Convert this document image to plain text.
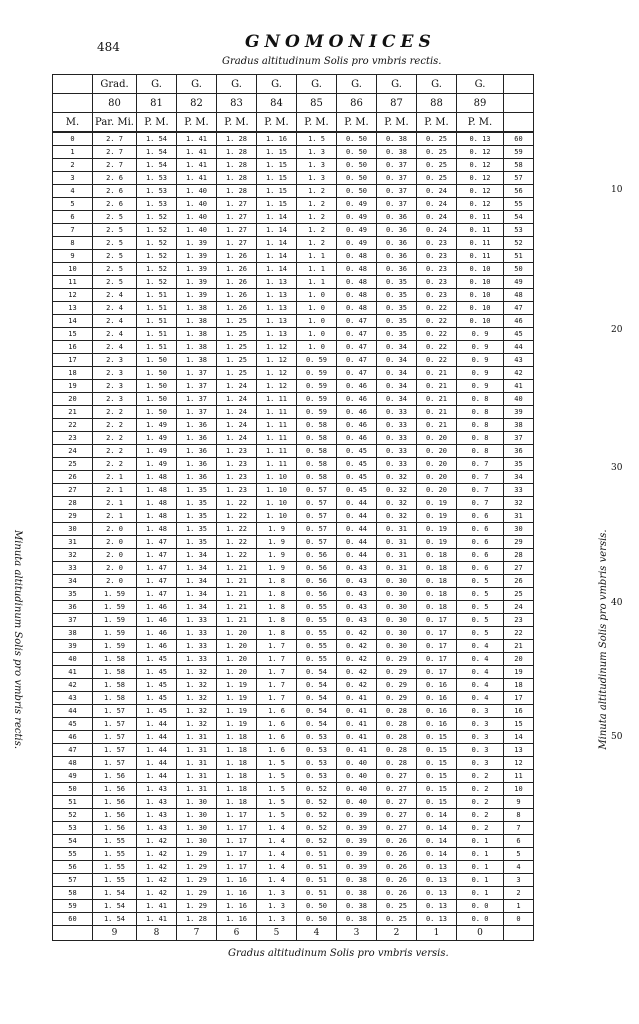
484	GNOMONICES
Gradus altitudinum Solis pro vmbris rectis.
Minuta altitudinum Solis pro vmbris rectis.	Minuta altitudinum Solis pro vmbris versis.
10
20
30
40
50
	Grad.	G.	G.	G.	G.	G.	G.	G.	G.	G.	
	80	81	82	83	84	85	86	87	88	89	
M.	Par. Mi.	P. M.	P. M.	P. M.	P. M.	P. M.	P. M.	P. M.	P. M.	P. M.	
0	2. 7	1. 54	1. 41	1. 28	1. 16	1. 5	0. 50	0. 38	0. 25	0. 13	60
1	2. 7	1. 54	1. 41	1. 28	1. 15	1. 3	0. 50	0. 38	0. 25	0. 12	59
2	2. 7	1. 54	1. 41	1. 28	1. 15	1. 3	0. 50	0. 37	0. 25	0. 12	58
3	2. 6	1. 53	1. 41	1. 28	1. 15	1. 3	0. 50	0. 37	0. 25	0. 12	57
4	2. 6	1. 53	1. 40	1. 28	1. 15	1. 2	0. 50	0. 37	0. 24	0. 12	56
5	2. 6	1. 53	1. 40	1. 27	1. 15	1. 2	0. 49	0. 37	0. 24	0. 12	55
6	2. 5	1. 52	1. 40	1. 27	1. 14	1. 2	0. 49	0. 36	0. 24	0. 11	54
7	2. 5	1. 52	1. 40	1. 27	1. 14	1. 2	0. 49	0. 36	0. 24	0. 11	53
8	2. 5	1. 52	1. 39	1. 27	1. 14	1. 2	0. 49	0. 36	0. 23	0. 11	52
9	2. 5	1. 52	1. 39	1. 26	1. 14	1. 1	0. 48	0. 36	0. 23	0. 11	51
10	2. 5	1. 52	1. 39	1. 26	1. 14	1. 1	0. 48	0. 36	0. 23	0. 10	50
11	2. 5	1. 52	1. 39	1. 26	1. 13	1. 1	0. 48	0. 35	0. 23	0. 10	49
12	2. 4	1. 51	1. 39	1. 26	1. 13	1. 0	0. 48	0. 35	0. 23	0. 10	48
13	2. 4	1. 51	1. 38	1. 26	1. 13	1. 0	0. 48	0. 35	0. 22	0. 10	47
14	2. 4	1. 51	1. 38	1. 25	1. 13	1. 0	0. 47	0. 35	0. 22	0. 10	46
15	2. 4	1. 51	1. 38	1. 25	1. 13	1. 0	0. 47	0. 35	0. 22	0. 9	45
16	2. 4	1. 51	1. 38	1. 25	1. 12	1. 0	0. 47	0. 34	0. 22	0. 9	44
17	2. 3	1. 50	1. 38	1. 25	1. 12	0. 59	0. 47	0. 34	0. 22	0. 9	43
18	2. 3	1. 50	1. 37	1. 25	1. 12	0. 59	0. 47	0. 34	0. 21	0. 9	42
19	2. 3	1. 50	1. 37	1. 24	1. 12	0. 59	0. 46	0. 34	0. 21	0. 9	41
20	2. 3	1. 50	1. 37	1. 24	1. 11	0. 59	0. 46	0. 34	0. 21	0. 8	40
21	2. 2	1. 50	1. 37	1. 24	1. 11	0. 59	0. 46	0. 33	0. 21	0. 8	39
22	2. 2	1. 49	1. 36	1. 24	1. 11	0. 58	0. 46	0. 33	0. 21	0. 8	38
23	2. 2	1. 49	1. 36	1. 24	1. 11	0. 58	0. 46	0. 33	0. 20	0. 8	37
24	2. 2	1. 49	1. 36	1. 23	1. 11	0. 58	0. 45	0. 33	0. 20	0. 8	36
25	2. 2	1. 49	1. 36	1. 23	1. 11	0. 58	0. 45	0. 33	0. 20	0. 7	35
26	2. 1	1. 48	1. 36	1. 23	1. 10	0. 58	0. 45	0. 32	0. 20	0. 7	34
27	2. 1	1. 48	1. 35	1. 23	1. 10	0. 57	0. 45	0. 32	0. 20	0. 7	33
28	2. 1	1. 48	1. 35	1. 22	1. 10	0. 57	0. 44	0. 32	0. 19	0. 7	32
29	2. 1	1. 48	1. 35	1. 22	1. 10	0. 57	0. 44	0. 32	0. 19	0. 6	31
30	2. 0	1. 48	1. 35	1. 22	1. 9	0. 57	0. 44	0. 31	0. 19	0. 6	30
31	2. 0	1. 47	1. 35	1. 22	1. 9	0. 57	0. 44	0. 31	0. 19	0. 6	29
32	2. 0	1. 47	1. 34	1. 22	1. 9	0. 56	0. 44	0. 31	0. 18	0. 6	28
33	2. 0	1. 47	1. 34	1. 21	1. 9	0. 56	0. 43	0. 31	0. 18	0. 6	27
34	2. 0	1. 47	1. 34	1. 21	1. 8	0. 56	0. 43	0. 30	0. 18	0. 5	26
35	1. 59	1. 47	1. 34	1. 21	1. 8	0. 56	0. 43	0. 30	0. 18	0. 5	25
36	1. 59	1. 46	1. 34	1. 21	1. 8	0. 55	0. 43	0. 30	0. 18	0. 5	24
37	1. 59	1. 46	1. 33	1. 21	1. 8	0. 55	0. 43	0. 30	0. 17	0. 5	23
38	1. 59	1. 46	1. 33	1. 20	1. 8	0. 55	0. 42	0. 30	0. 17	0. 5	22
39	1. 59	1. 46	1. 33	1. 20	1. 7	0. 55	0. 42	0. 30	0. 17	0. 4	21
40	1. 58	1. 45	1. 33	1. 20	1. 7	0. 55	0. 42	0. 29	0. 17	0. 4	20
41	1. 58	1. 45	1. 32	1. 20	1. 7	0. 54	0. 42	0. 29	0. 17	0. 4	19
42	1. 58	1. 45	1. 32	1. 19	1. 7	0. 54	0. 42	0. 29	0. 16	0. 4	18
43	1. 58	1. 45	1. 32	1. 19	1. 7	0. 54	0. 41	0. 29	0. 16	0. 4	17
44	1. 57	1. 45	1. 32	1. 19	1. 6	0. 54	0. 41	0. 28	0. 16	0. 3	16
45	1. 57	1. 44	1. 32	1. 19	1. 6	0. 54	0. 41	0. 28	0. 16	0. 3	15
46	1. 57	1. 44	1. 31	1. 18	1. 6	0. 53	0. 41	0. 28	0. 15	0. 3	14
47	1. 57	1. 44	1. 31	1. 18	1. 6	0. 53	0. 41	0. 28	0. 15	0. 3	13
48	1. 57	1. 44	1. 31	1. 18	1. 5	0. 53	0. 40	0. 28	0. 15	0. 3	12
49	1. 56	1. 44	1. 31	1. 18	1. 5	0. 53	0. 40	0. 27	0. 15	0. 2	11
50	1. 56	1. 43	1. 31	1. 18	1. 5	0. 52	0. 40	0. 27	0. 15	0. 2	10
51	1. 56	1. 43	1. 30	1. 18	1. 5	0. 52	0. 40	0. 27	0. 15	0. 2	9
52	1. 56	1. 43	1. 30	1. 17	1. 5	0. 52	0. 39	0. 27	0. 14	0. 2	8
53	1. 56	1. 43	1. 30	1. 17	1. 4	0. 52	0. 39	0. 27	0. 14	0. 2	7
54	1. 55	1. 42	1. 30	1. 17	1. 4	0. 52	0. 39	0. 26	0. 14	0. 1	6
55	1. 55	1. 42	1. 29	1. 17	1. 4	0. 51	0. 39	0. 26	0. 14	0. 1	5
56	1. 55	1. 42	1. 29	1. 17	1. 4	0. 51	0. 39	0. 26	0. 13	0. 1	4
57	1. 55	1. 42	1. 29	1. 16	1. 4	0. 51	0. 38	0. 26	0. 13	0. 1	3
58	1. 54	1. 42	1. 29	1. 16	1. 3	0. 51	0. 38	0. 26	0. 13	0. 1	2
59	1. 54	1. 41	1. 29	1. 16	1. 3	0. 50	0. 38	0. 25	0. 13	0. 0	1
60	1. 54	1. 41	1. 28	1. 16	1. 3	0. 50	0. 38	0. 25	0. 13	0. 0	0
	9	8	7	6	5	4	3	2	1	0	
Gradus altitudinum Solis pro vmbris versis.
